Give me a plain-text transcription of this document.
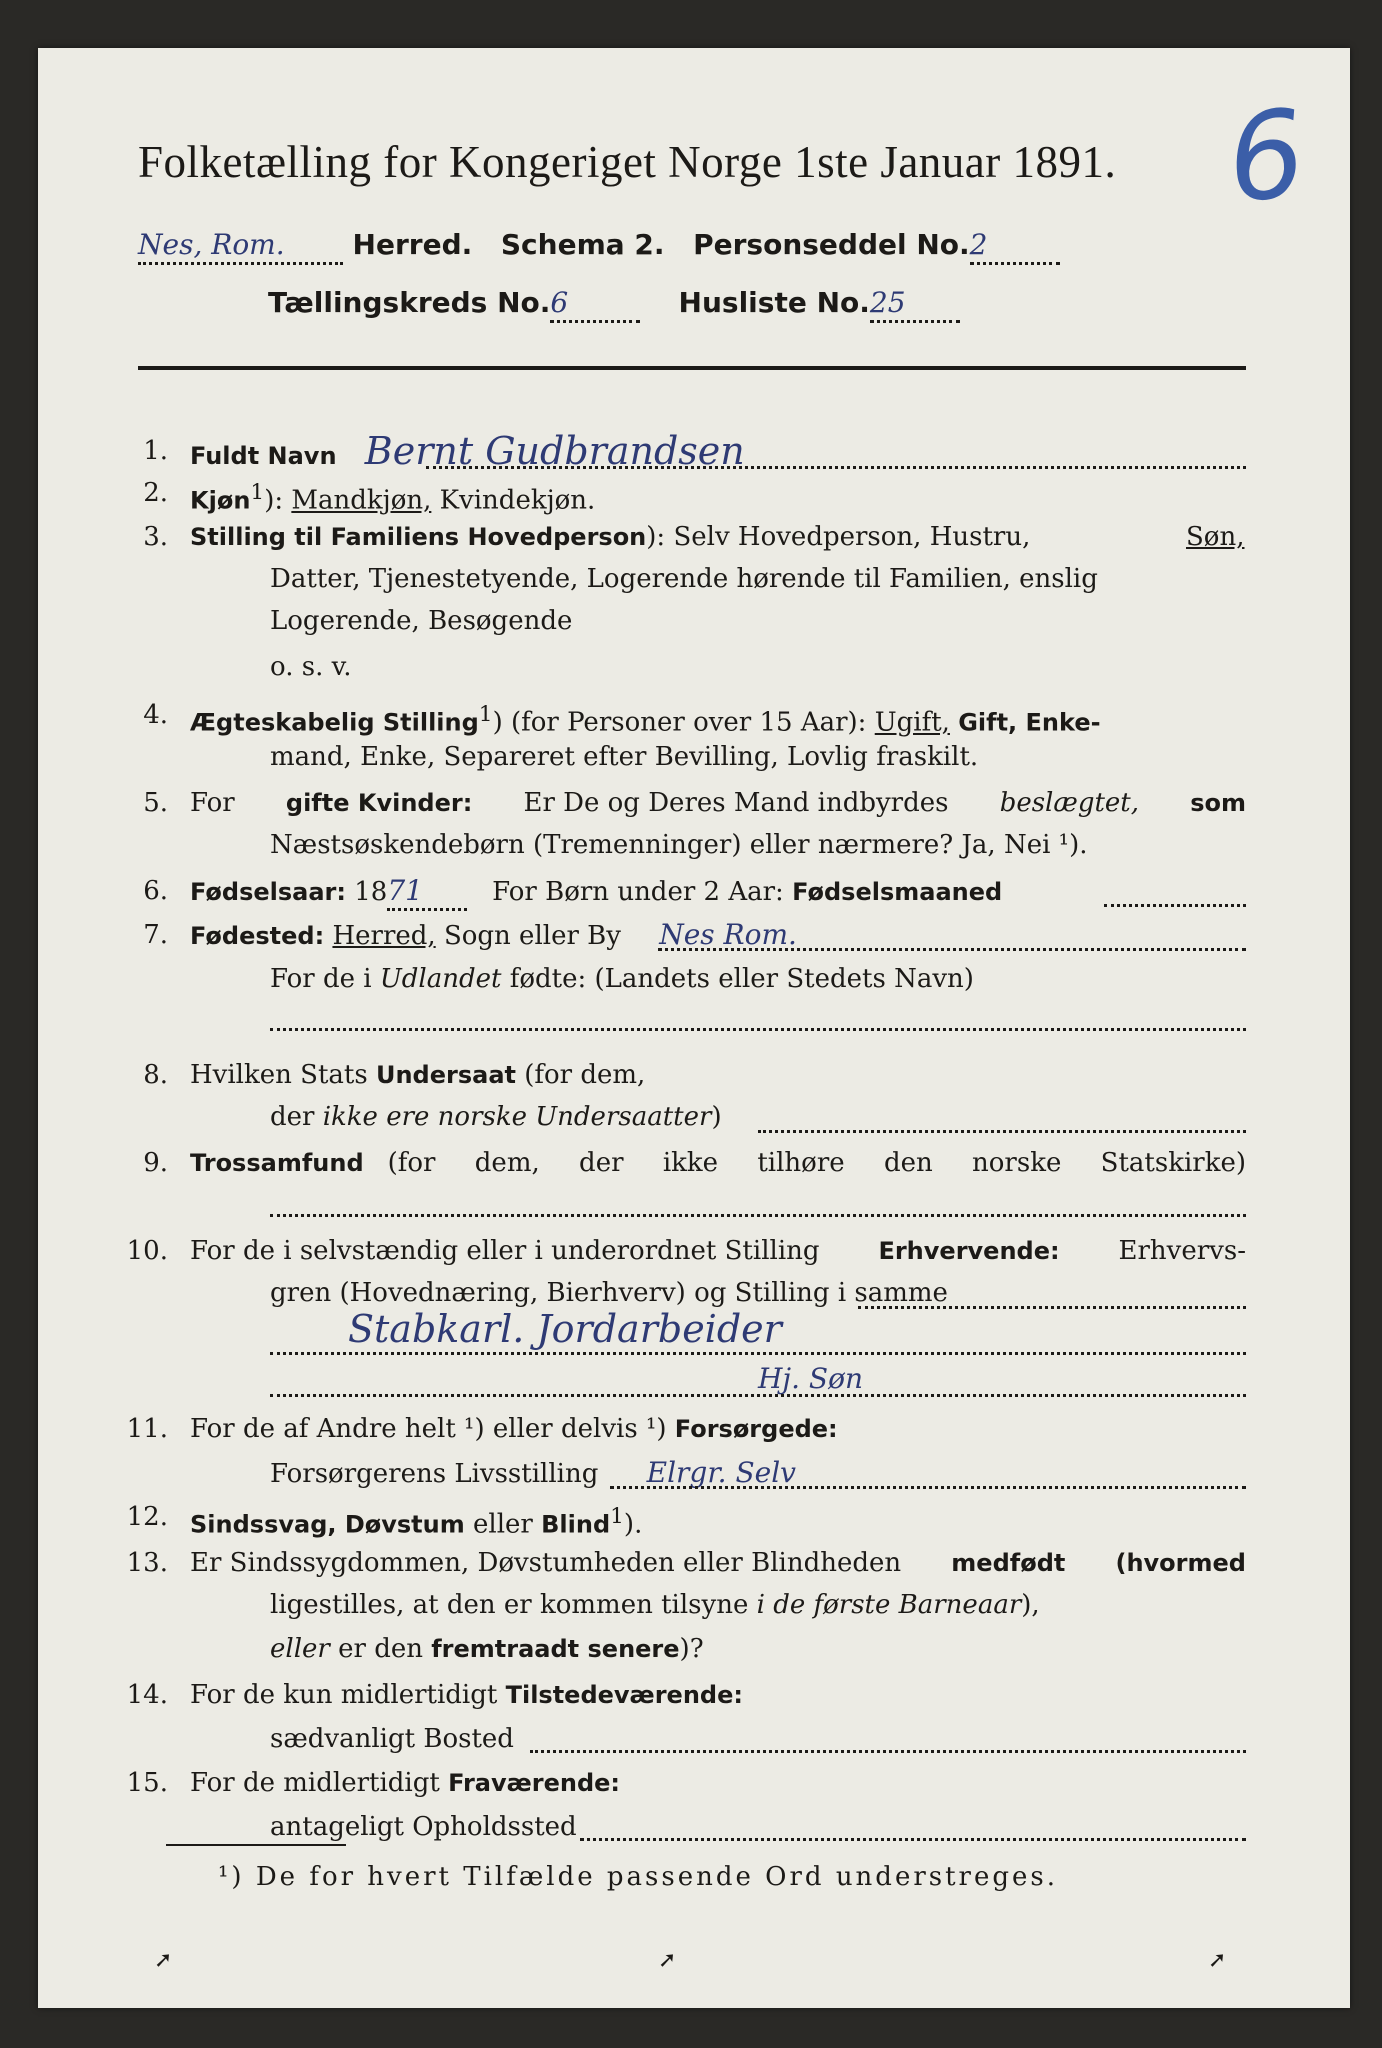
Folketælling for Kongeriget Norge 1ste Januar 1891. 6
Nes, Rom. Herred. Schema 2. Personseddel No.2
Tællingskreds No.6	Husliste No.25
1. Fuldt Navn Bernt Gudbrandsen
2. Kjøn$^1$): Mandkjøn, Kvindekjøn.
3. Stilling til Familiens Hovedperson): Selv Hovedperson, Hustru,	Søn,
Datter, Tjenestetyende, Logerende hørende til Familien, enslig
Logerende, Besøgende
o. s. v.
4. Ægteskabelig Stilling$^1$) (for Personer over 15 Aar): Ugift, Gift, Enke-
mand, Enke, Separeret efter Bevilling, Lovlig fraskilt.
5. For gifte Kvinder: Er De og Deres Mand indbyrdes beslægtet, som
Næstsøskendebørn (Tremenninger) eller nærmere? Ja, Nei ¹).
6. Fødselsaar: 1871	For Børn under 2 Aar: Fødselsmaaned
7. Fødested: Herred, Sogn eller By Nes Rom.
For de i Udlandet fødte: (Landets eller Stedets Navn)
8. Hvilken Stats Undersaat (for dem,
der ikke ere norske Undersaatter)
9. Trossamfund (for dem, der ikke tilhøre den norske Statskirke)
10. For de i selvstændig eller i underordnet Stilling Erhvervende: Erhvervs-
gren (Hovednæring, Bierhverv) og Stilling i samme
Stabkarl. Jordarbeider
Hj. Søn
11. For de af Andre helt ¹) eller delvis ¹) Forsørgede:
Forsørgerens Livsstilling Elrgr. Selv
12. Sindssvag, Døvstum eller Blind$^1$).
13. Er Sindssygdommen, Døvstumheden eller Blindheden medfødt (hvormed
ligestilles, at den er kommen tilsyne i de første Barneaar),
eller er den fremtraadt senere)?
14. For de kun midlertidigt Tilstedeværende:
sædvanligt Bosted
15. For de midlertidigt Fraværende:
antageligt Opholdssted
¹) De for hvert Tilfælde passende Ord understreges.
➚	➚	➚
